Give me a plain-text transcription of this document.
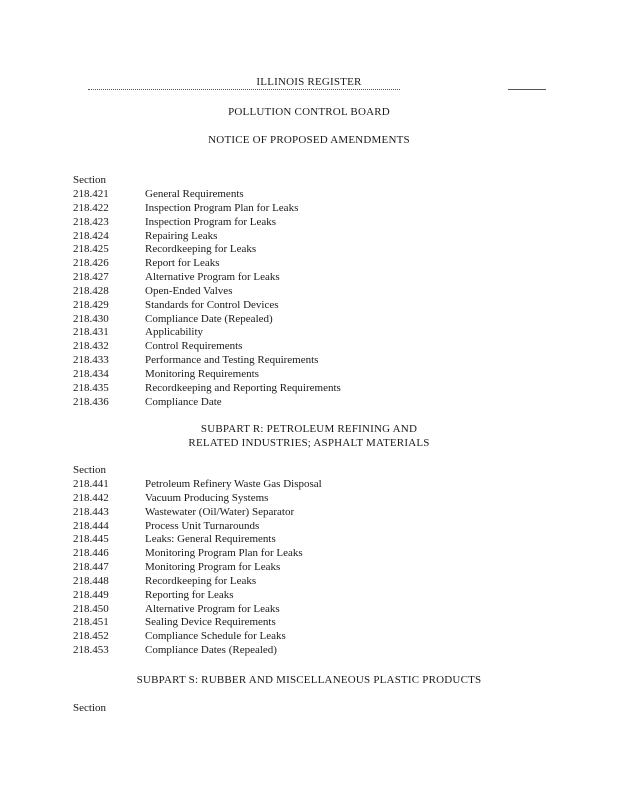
ILLINOIS REGISTER
POLLUTION CONTROL BOARD
NOTICE OF PROPOSED AMENDMENTS
Section
218.421	General Requirements
218.422	Inspection Program Plan for Leaks
218.423	Inspection Program for Leaks
218.424	Repairing Leaks
218.425	Recordkeeping for Leaks
218.426	Report for Leaks
218.427	Alternative Program for Leaks
218.428	Open-Ended Valves
218.429	Standards for Control Devices
218.430	Compliance Date (Repealed)
218.431	Applicability
218.432	Control Requirements
218.433	Performance and Testing Requirements
218.434	Monitoring Requirements
218.435	Recordkeeping and Reporting Requirements
218.436	Compliance Date
SUBPART R: PETROLEUM REFINING AND
RELATED INDUSTRIES; ASPHALT MATERIALS
Section
218.441	Petroleum Refinery Waste Gas Disposal
218.442	Vacuum Producing Systems
218.443	Wastewater (Oil/Water) Separator
218.444	Process Unit Turnarounds
218.445	Leaks: General Requirements
218.446	Monitoring Program Plan for Leaks
218.447	Monitoring Program for Leaks
218.448	Recordkeeping for Leaks
218.449	Reporting for Leaks
218.450	Alternative Program for Leaks
218.451	Sealing Device Requirements
218.452	Compliance Schedule for Leaks
218.453	Compliance Dates (Repealed)
SUBPART S: RUBBER AND MISCELLANEOUS PLASTIC PRODUCTS
Section
